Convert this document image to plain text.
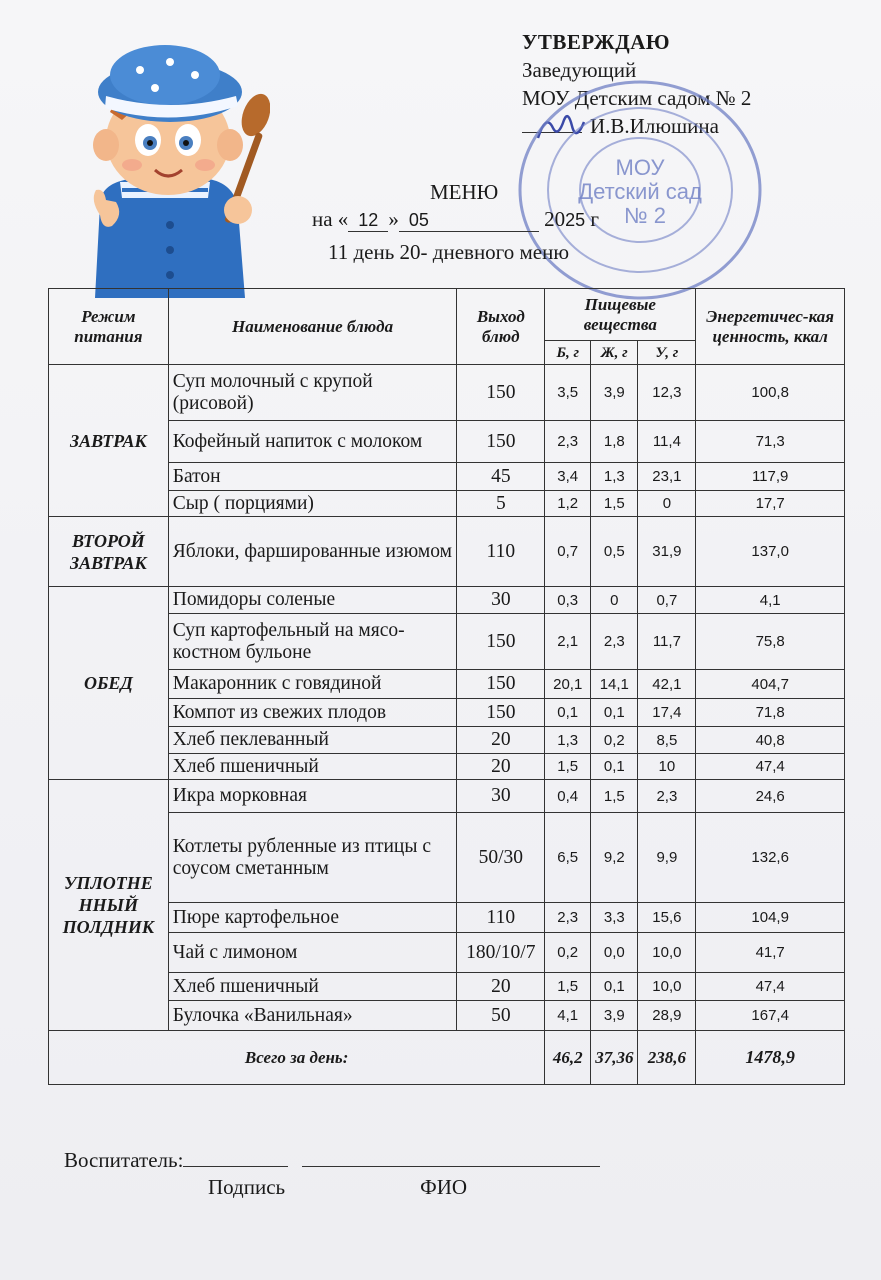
УТВЕРЖДАЮ
Заведующий
МОУ Детским садом № 2
И.В.Илюшина
МОУ
Детский сад
№ 2
МЕНЮ
на « 12 » 05	2025 г
11 день 20- дневного меню
Режим питания	Наименование блюда	Выход блюд	Пищевые вещества			Энергетичес-кая ценность, ккал
			Б, г	Ж, г	У, г	
ЗАВТРАК	Суп молочный с крупой (рисовой)	150	3,5	3,9	12,3	100,8
	Кофейный напиток с молоком	150	2,3	1,8	11,4	71,3
	Батон	45	3,4	1,3	23,1	117,9
	Сыр ( порциями)	5	1,2	1,5	0	17,7
ВТОРОЙ ЗАВТРАК	Яблоки, фаршированные изюмом	110	0,7	0,5	31,9	137,0
ОБЕД	Помидоры соленые	30	0,3	0	0,7	4,1
	Суп картофельный на мясо-костном бульоне	150	2,1	2,3	11,7	75,8
	Макаронник с говядиной	150	20,1	14,1	42,1	404,7
	Компот из свежих плодов	150	0,1	0,1	17,4	71,8
	Хлеб пеклеванный	20	1,3	0,2	8,5	40,8
	Хлеб пшеничный	20	1,5	0,1	10	47,4
УПЛОТНЕ ННЫЙ ПОЛДНИК	Икра морковная	30	0,4	1,5	2,3	24,6
	Котлеты рубленные из птицы с соусом сметанным	50/30	6,5	9,2	9,9	132,6
	Пюре картофельное	110	2,3	3,3	15,6	104,9
	Чай с лимоном	180/10/7	0,2	0,0	10,0	41,7
	Хлеб пшеничный	20	1,5	0,1	10,0	47,4
	Булочка «Ванильная»	50	4,1	3,9	28,9	167,4
Всего за день:			46,2	37,36	238,6	1478,9
Воспитатель:
Подпись	ФИО
